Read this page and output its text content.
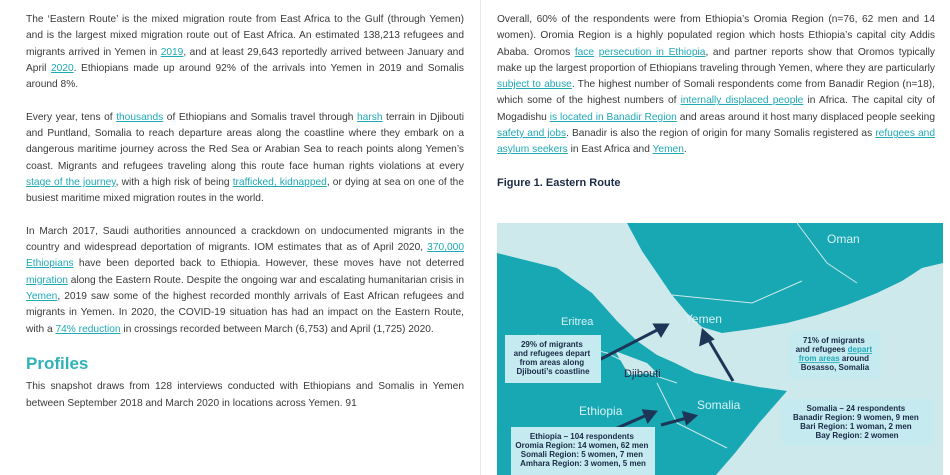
The ‘Eastern Route’ is the mixed migration route from East Africa to the Gulf (through Yemen) and is the largest mixed migration route out of East Africa. An estimated 138,213 refugees and migrants arrived in Yemen in 2019, and at least 29,643 reportedly arrived between January and April 2020. Ethiopians made up around 92% of the arrivals into Yemen in 2019 and Somalis around 8%.

Every year, tens of thousands of Ethiopians and Somalis travel through harsh terrain in Djibouti and Puntland, Somalia to reach departure areas along the coastline where they embark on a dangerous maritime journey across the Red Sea or Arabian Sea to reach points along Yemen’s coast. Migrants and refugees traveling along this route face human rights violations at every stage of the journey, with a high risk of being trafficked, kidnapped, or dying at sea on one of the busiest maritime mixed migration routes in the world.

In March 2017, Saudi authorities announced a crackdown on undocumented migrants in the country and widespread deportation of migrants. IOM estimates that as of April 2020, 370,000 Ethiopians have been deported back to Ethiopia. However, these moves have not deterred migration along the Eastern Route. Despite the ongoing war and escalating humanitarian crisis in Yemen, 2019 saw some of the highest recorded monthly arrivals of East African refugees and migrants in Yemen. In 2020, the COVID-19 situation has had an impact on the Eastern Route, with a 74% reduction in crossings recorded between March (6,753) and April (1,725) 2020.

Profiles

This snapshot draws from 128 interviews conducted with Ethiopians and Somalis in Yemen between September 2018 and March 2020 in locations across Yemen. 91

Overall, 60% of the respondents were from Ethiopia’s Oromia Region (n=76, 62 men and 14 women). Oromia Region is a highly populated region which hosts Ethiopia’s capital city Addis Ababa. Oromos face persecution in Ethiopia, and partner reports show that Oromos typically make up the largest proportion of Ethiopians traveling through Yemen, where they are particularly subject to abuse. The highest number of Somali respondents come from Banadir Region (n=18), which some of the highest numbers of internally displaced people in Africa. The capital city of Mogadishu is located in Banadir Region and areas around it host many displaced people seeking safety and jobs. Banadir is also the region of origin for many Somalis registered as refugees and asylum seekers in East Africa and Yemen.

Figure 1. Eastern Route
Oman
Eritrea	Yemen
Djibouti
Ethiopia	Somalia
29% of migrants and refugees depart from areas along Djibouti’s coastline
71% of migrants and refugees depart from areas around Bosasso, Somalia
Somalia – 24 respondents Banadir Region: 9 women, 9 men Bari Region: 1 woman, 2 men Bay Region: 2 women
Ethiopia – 104 respondents Oromia Region: 14 women, 62 men Somali Region: 5 women, 7 men Amhara Region: 3 women, 5 men
